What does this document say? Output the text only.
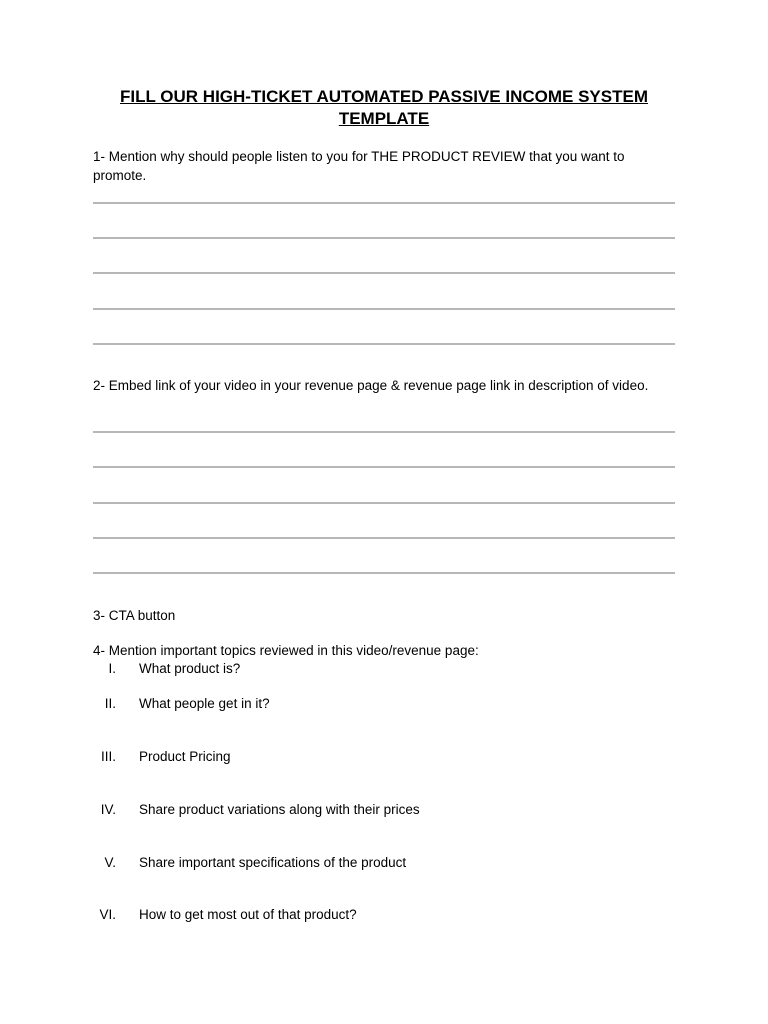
FILL OUR HIGH-TICKET AUTOMATED PASSIVE INCOME SYSTEM TEMPLATE

1- Mention why should people listen to you for THE PRODUCT REVIEW that you want to promote.

2- Embed link of your video in your revenue page & revenue page link in description of video.

3- CTA button

4- Mention important topics reviewed in this video/revenue page:

I. What product is?
II. What people get in it?
III. Product Pricing
IV. Share product variations along with their prices
V. Share important specifications of the product
VI. How to get most out of that product?
